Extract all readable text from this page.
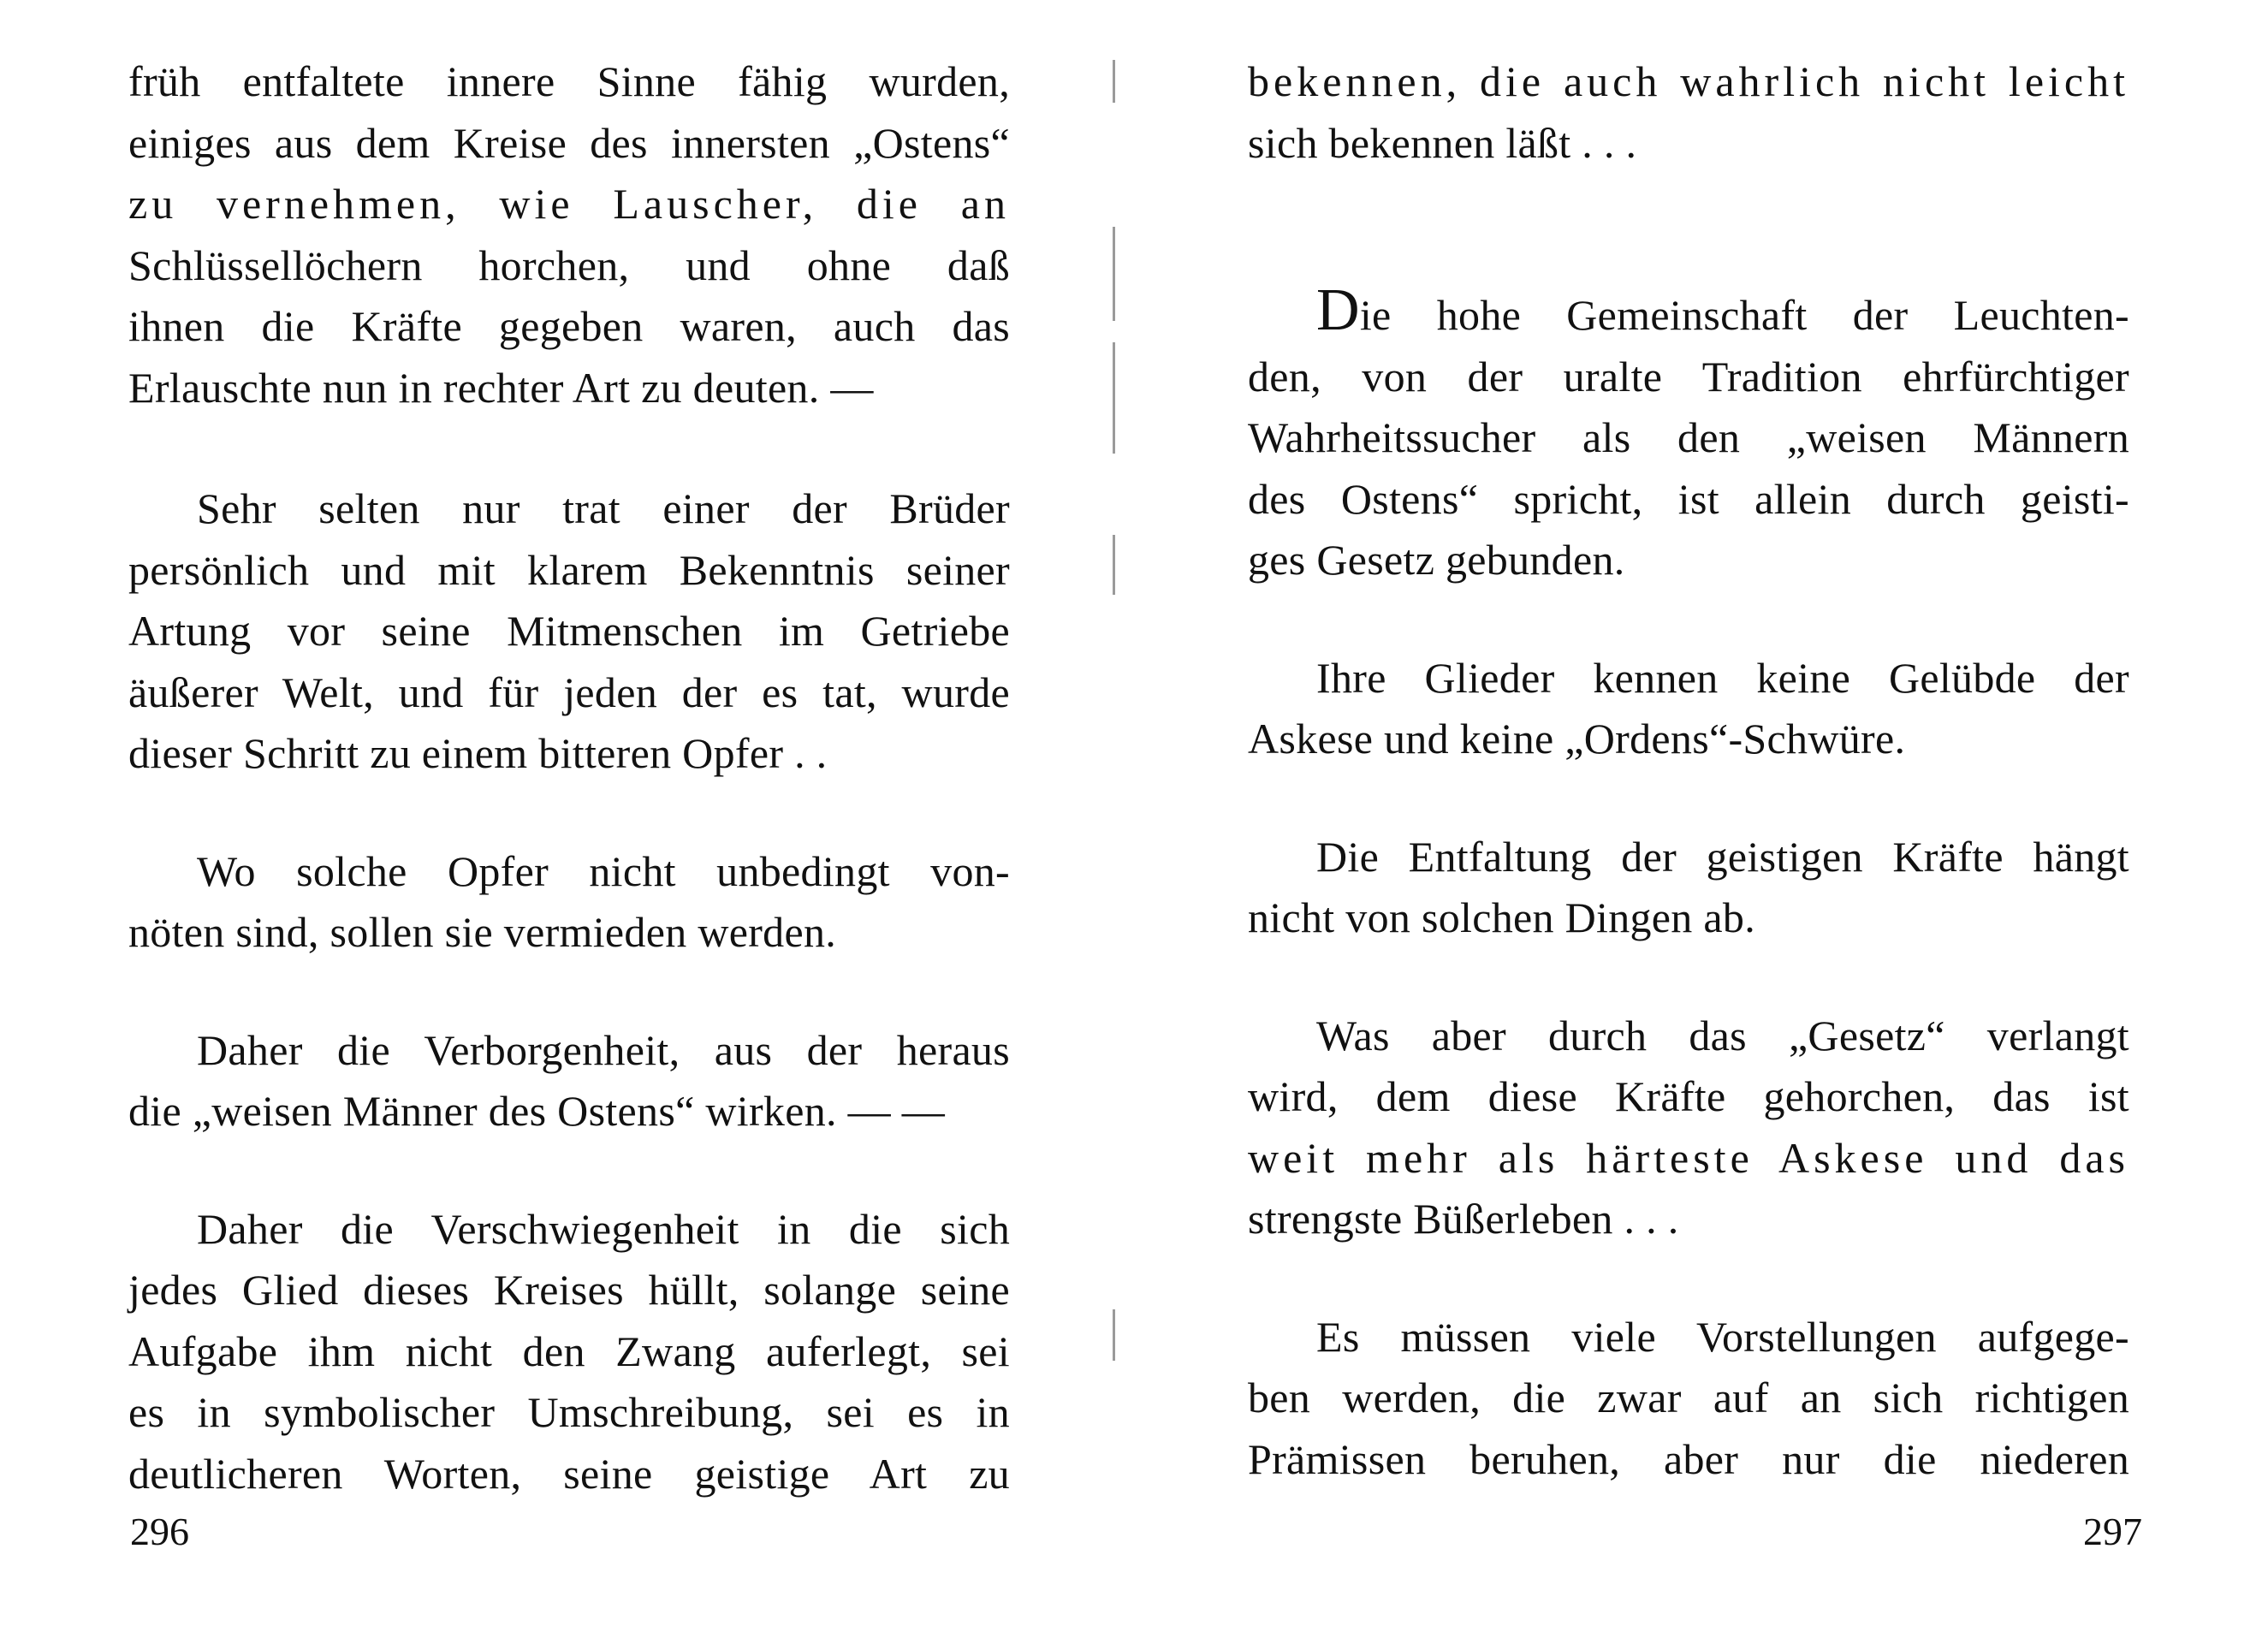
früh entfaltete innere Sinne fähig wurden,
einiges aus dem Kreise des innersten „Ostens“
zu vernehmen, wie Lauscher, die an
Schlüssellöchern horchen, und ohne daß
ihnen die Kräfte gegeben waren, auch das
Erlauschte nun in rechter Art zu deuten. —

Sehr selten nur trat einer der Brüder
persönlich und mit klarem Bekenntnis seiner
Artung vor seine Mitmenschen im Getriebe
äußerer Welt, und für jeden der es tat, wurde
dieser Schritt zu einem bitteren Opfer . .

Wo solche Opfer nicht unbedingt von-
nöten sind, sollen sie vermieden werden.

Daher die Verborgenheit, aus der heraus
die „weisen Männer des Ostens“ wirken. — —

Daher die Verschwiegenheit in die sich
jedes Glied dieses Kreises hüllt, solange seine
Aufgabe ihm nicht den Zwang auferlegt, sei
es in symbolischer Umschreibung, sei es in
deutlicheren Worten, seine geistige Art zu

296

bekennen, die auch wahrlich nicht leicht
sich bekennen läßt . . .

Die hohe Gemeinschaft der Leuchten-
den, von der uralte Tradition ehrfürchtiger
Wahrheitssucher als den „weisen Männern
des Ostens“ spricht, ist allein durch geisti-
ges Gesetz gebunden.

Ihre Glieder kennen keine Gelübde der
Askese und keine „Ordens“-Schwüre.

Die Entfaltung der geistigen Kräfte hängt
nicht von solchen Dingen ab.

Was aber durch das „Gesetz“ verlangt
wird, dem diese Kräfte gehorchen, das ist
weit mehr als härteste Askese und das
strengste Büßerleben . . .

Es müssen viele Vorstellungen aufgege-
ben werden, die zwar auf an sich richtigen
Prämissen beruhen, aber nur die niederen

297
